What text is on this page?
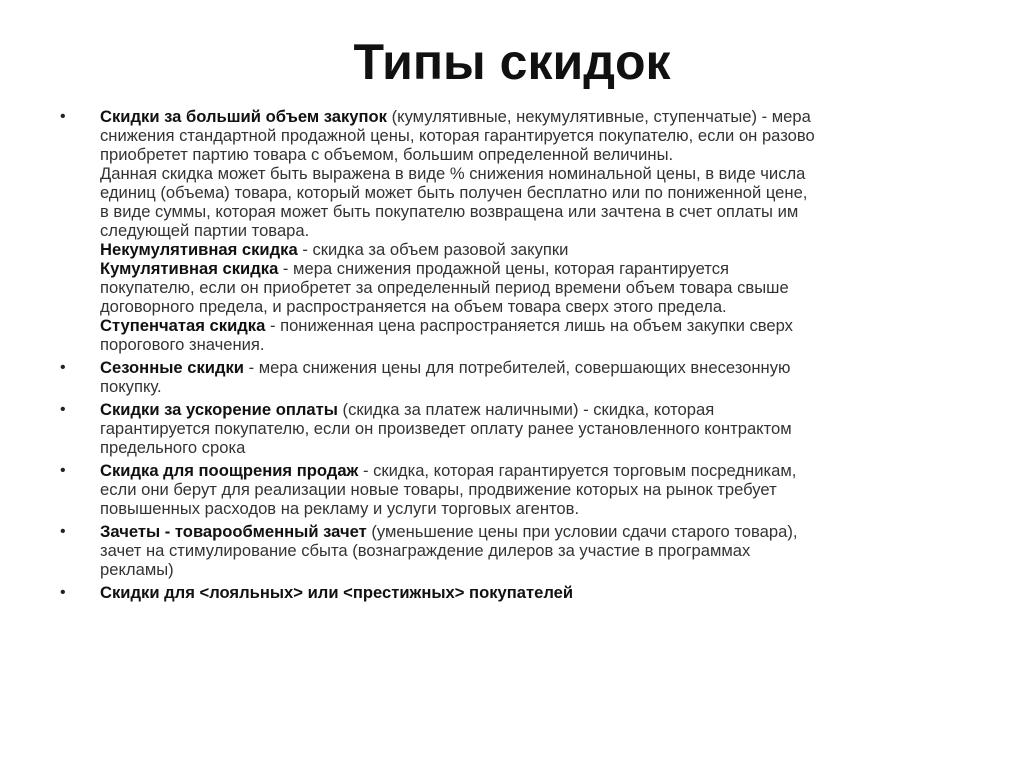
Типы скидок
• Скидки за больший объем закупок (кумулятивные, некумулятивные, ступенчатые) - мера
снижения стандартной продажной цены, которая гарантируется покупателю, если он разово
приобретет партию товара с объемом, большим определенной величины.
Данная скидка может быть выражена в виде % снижения номинальной цены, в виде числа
единиц (объема) товара, который может быть получен бесплатно или по пониженной цене,
в виде суммы, которая может быть покупателю возвращена или зачтена в счет оплаты им
следующей партии товара.
Некумулятивная скидка - скидка за объем разовой закупки
Кумулятивная скидка - мера снижения продажной цены, которая гарантируется
покупателю, если он приобретет за определенный период времени объем товара свыше
договорного предела, и распространяется на объем товара сверх этого предела.
Ступенчатая скидка - пониженная цена распространяется лишь на объем закупки сверх
порогового значения.
• Сезонные скидки - мера снижения цены для потребителей, совершающих внесезонную
покупку.
• Скидки за ускорение оплаты (скидка за платеж наличными) - скидка, которая
гарантируется покупателю, если он произведет оплату ранее установленного контрактом
предельного срока
• Скидка для поощрения продаж - скидка, которая гарантируется торговым посредникам,
если они берут для реализации новые товары, продвижение которых на рынок требует
повышенных расходов на рекламу и услуги торговых агентов.
• Зачеты - товарообменный зачет (уменьшение цены при условии сдачи старого товара),
зачет на стимулирование сбыта (вознаграждение дилеров за участие в программах
рекламы)
• Скидки для <лояльных> или <престижных> покупателей
